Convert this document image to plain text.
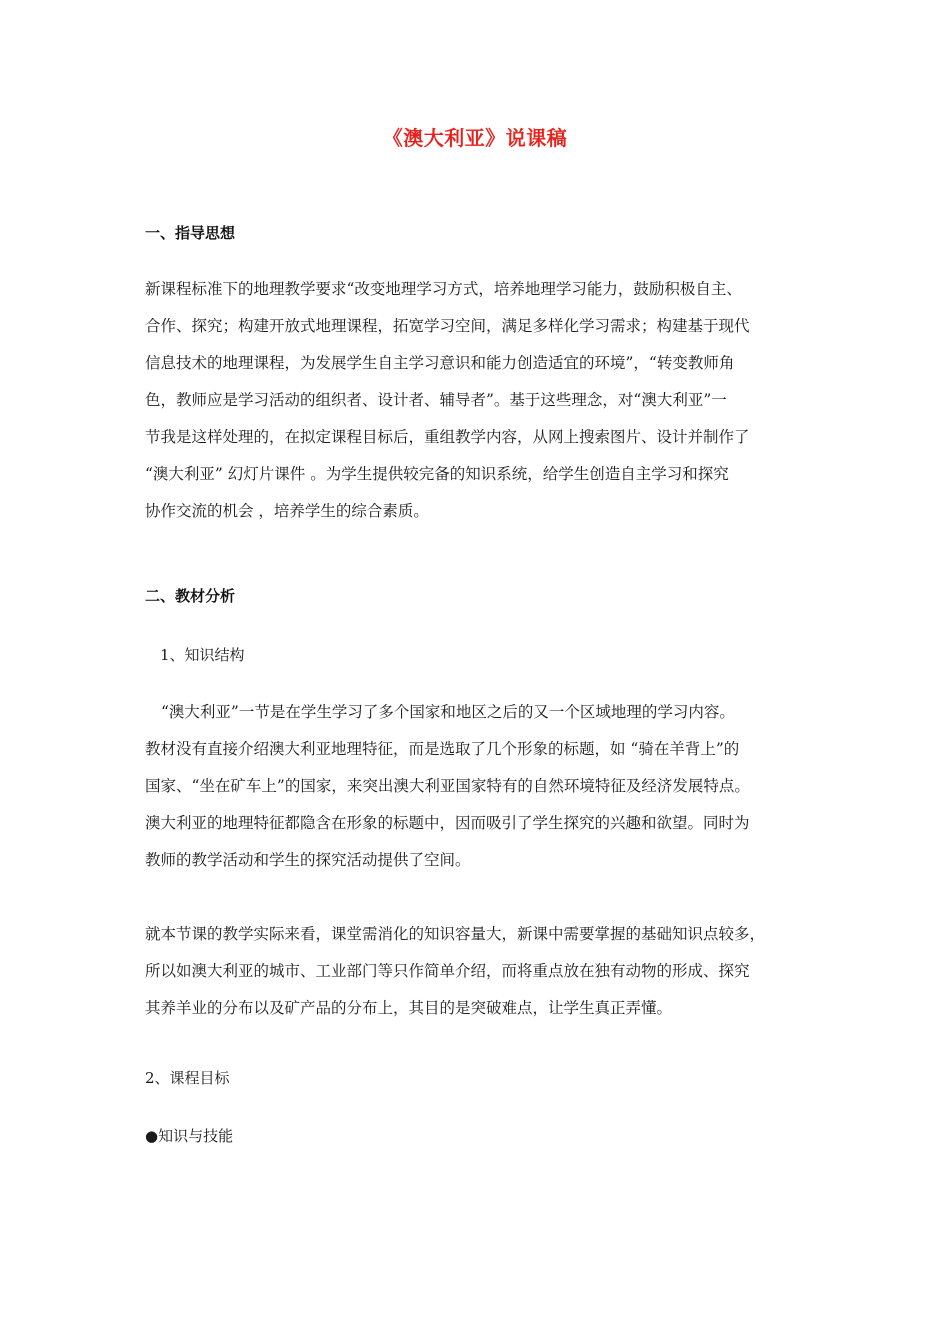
《澳大利亚》说课稿
一、指导思想
新课程标准下的地理教学要求“改变地理学习方式，培养地理学习能力，鼓励积极自主、
合作、探究；构建开放式地理课程，拓宽学习空间，满足多样化学习需求；构建基于现代
信息技术的地理课程，为发展学生自主学习意识和能力创造适宜的环境”，“转变教师角
色，教师应是学习活动的组织者、设计者、辅导者”。基于这些理念，对“澳大利亚”一
节我是这样处理的，在拟定课程目标后，重组教学内容，从网上搜索图片、设计并制作了
“澳大利亚” 幻灯片课件 。为学生提供较完备的知识系统，给学生创造自主学习和探究
协作交流的机会 ，培养学生的综合素质。
二、教材分析
1、知识结构
“澳大利亚”一节是在学生学习了多个国家和地区之后的又一个区域地理的学习内容。
教材没有直接介绍澳大利亚地理特征，而是选取了几个形象的标题，如 “骑在羊背上”的
国家、“坐在矿车上”的国家，来突出澳大利亚国家特有的自然环境特征及经济发展特点。
澳大利亚的地理特征都隐含在形象的标题中，因而吸引了学生探究的兴趣和欲望。同时为
教师的教学活动和学生的探究活动提供了空间。
就本节课的教学实际来看，课堂需消化的知识容量大，新课中需要掌握的基础知识点较多，
所以如澳大利亚的城市、工业部门等只作简单介绍，而将重点放在独有动物的形成、探究
其养羊业的分布以及矿产品的分布上，其目的是突破难点，让学生真正弄懂。
2、课程目标
●知识与技能
